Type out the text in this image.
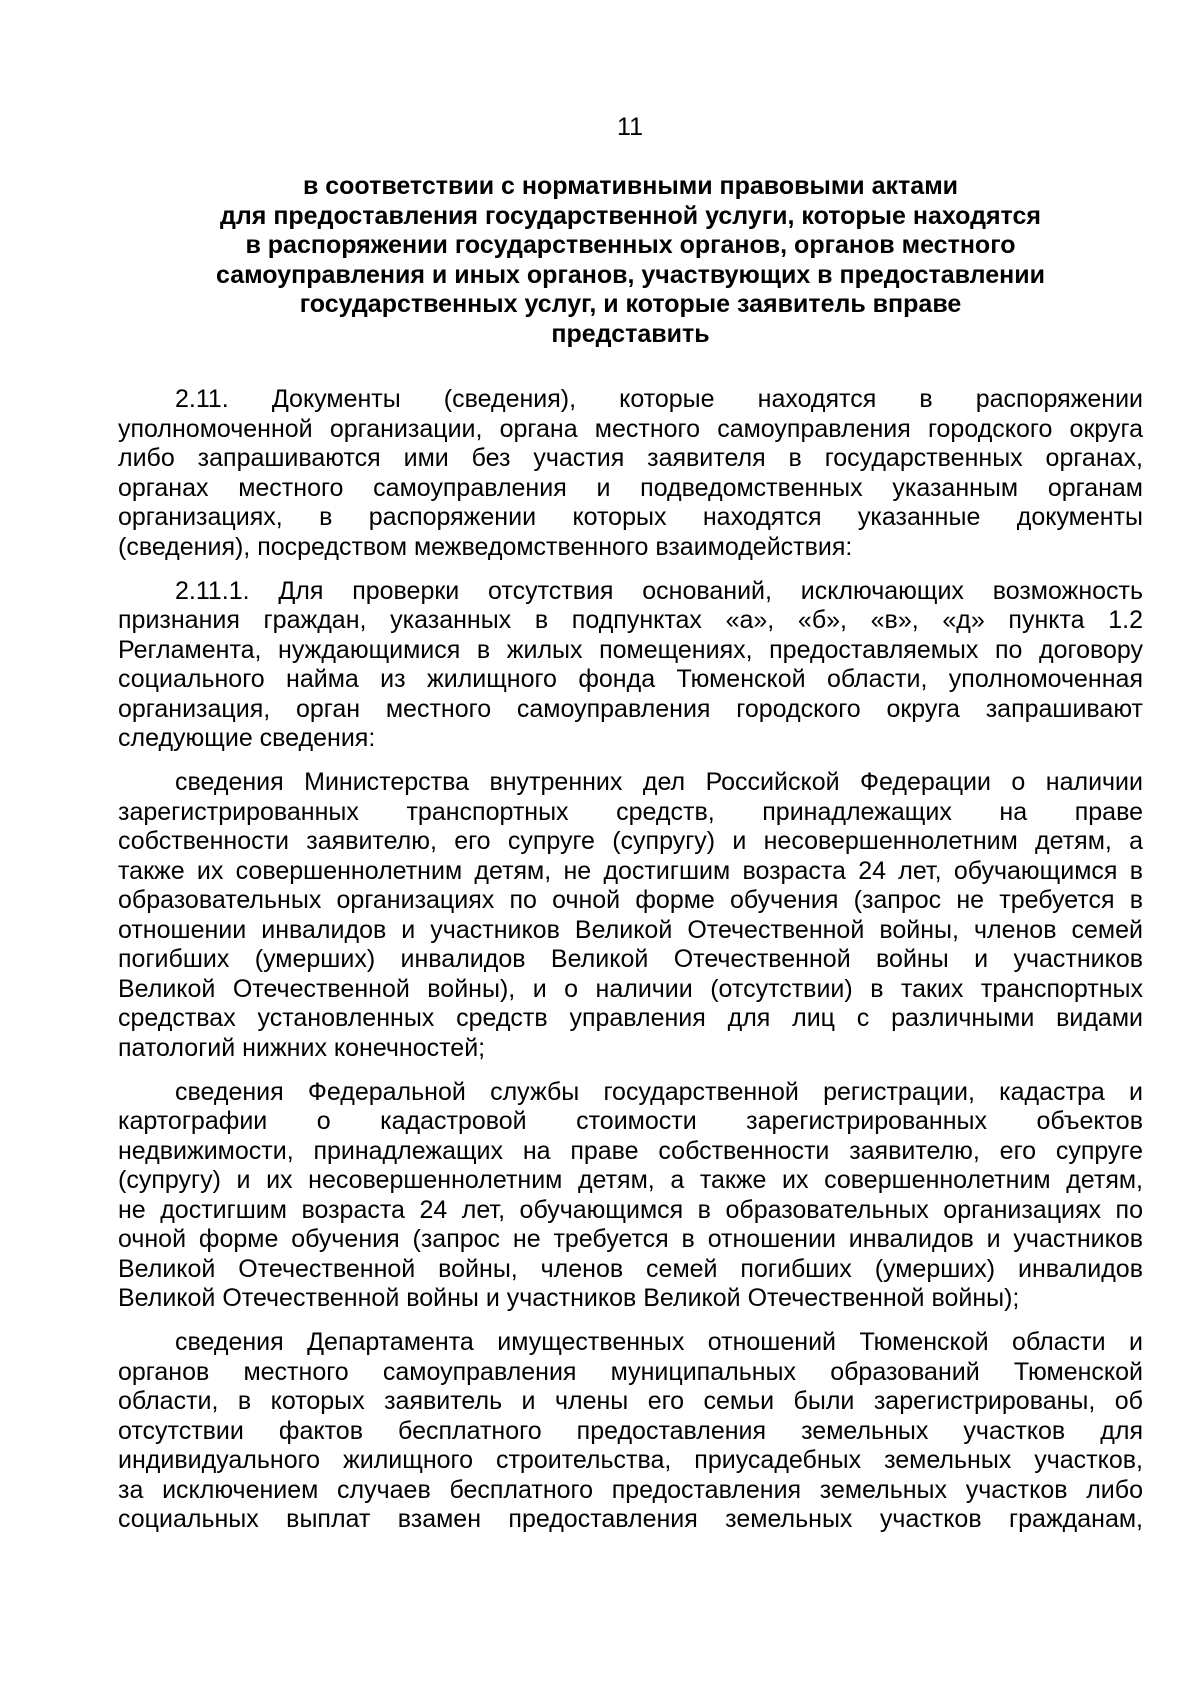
11
в соответствии с нормативными правовыми актами
для предоставления государственной услуги, которые находятся
в распоряжении государственных органов, органов местного
самоуправления и иных органов, участвующих в предоставлении
государственных услуг, и которые заявитель вправе
представить
2.11. Документы (сведения), которые находятся в распоряжении
уполномоченной организации, органа местного самоуправления городского округа
либо запрашиваются ими без участия заявителя в государственных органах,
органах местного самоуправления и подведомственных указанным органам
организациях, в распоряжении которых находятся указанные документы
(сведения), посредством межведомственного взаимодействия:
2.11.1. Для проверки отсутствия оснований, исключающих возможность
признания граждан, указанных в подпунктах «а», «б», «в», «д» пункта 1.2
Регламента, нуждающимися в жилых помещениях, предоставляемых по договору
социального найма из жилищного фонда Тюменской области, уполномоченная
организация, орган местного самоуправления городского округа запрашивают
следующие сведения:
сведения Министерства внутренних дел Российской Федерации о наличии
зарегистрированных транспортных средств, принадлежащих на праве
собственности заявителю, его супруге (супругу) и несовершеннолетним детям, а
также их совершеннолетним детям, не достигшим возраста 24 лет, обучающимся в
образовательных организациях по очной форме обучения (запрос не требуется в
отношении инвалидов и участников Великой Отечественной войны, членов семей
погибших (умерших) инвалидов Великой Отечественной войны и участников
Великой Отечественной войны), и о наличии (отсутствии) в таких транспортных
средствах установленных средств управления для лиц с различными видами
патологий нижних конечностей;
сведения Федеральной службы государственной регистрации, кадастра и
картографии о кадастровой стоимости зарегистрированных объектов
недвижимости, принадлежащих на праве собственности заявителю, его супруге
(супругу) и их несовершеннолетним детям, а также их совершеннолетним детям,
не достигшим возраста 24 лет, обучающимся в образовательных организациях по
очной форме обучения (запрос не требуется в отношении инвалидов и участников
Великой Отечественной войны, членов семей погибших (умерших) инвалидов
Великой Отечественной войны и участников Великой Отечественной войны);
сведения Департамента имущественных отношений Тюменской области и
органов местного самоуправления муниципальных образований Тюменской
области, в которых заявитель и члены его семьи были зарегистрированы, об
отсутствии фактов бесплатного предоставления земельных участков для
индивидуального жилищного строительства, приусадебных земельных участков,
за исключением случаев бесплатного предоставления земельных участков либо
социальных выплат взамен предоставления земельных участков гражданам,
